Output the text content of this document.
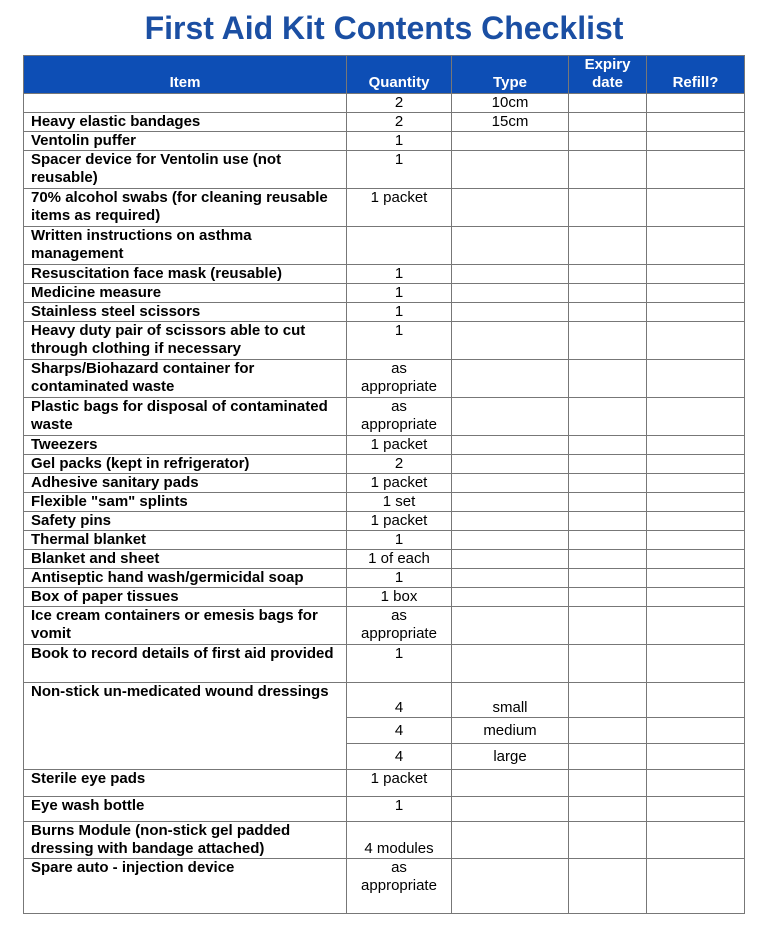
First Aid Kit Contents Checklist
Item	Quantity	Type	Expiry date	Refill?
	2	10cm		
Heavy elastic bandages	2	15cm		
Ventolin puffer	1			
Spacer device for Ventolin use (not reusable)	1			
70% alcohol swabs (for cleaning reusable items as required)	1 packet			
Written instructions on asthma management				
Resuscitation face mask (reusable)	1			
Medicine measure	1			
Stainless steel scissors	1			
Heavy duty pair of scissors able to cut through clothing if necessary	1			
Sharps/Biohazard container for contaminated waste	as appropriate			
Plastic bags for disposal of contaminated waste	as appropriate			
Tweezers	1 packet			
Gel packs (kept in refrigerator)	2			
Adhesive sanitary pads	1 packet			
Flexible "sam" splints	1 set			
Safety pins	1 packet			
Thermal blanket	1			
Blanket and sheet	1 of each			
Antiseptic hand wash/germicidal soap	1			
Box of paper tissues	1 box			
Ice cream containers or emesis bags for vomit	as appropriate			
Book to record details of first aid provided	1			
Non-stick un-medicated wound dressings	4	small		
	4	medium		
	4	large		
Sterile eye pads	1 packet			
Eye wash bottle	1			
Burns Module (non-stick gel padded dressing with bandage attached)	4 modules			
Spare auto - injection device	as appropriate			
